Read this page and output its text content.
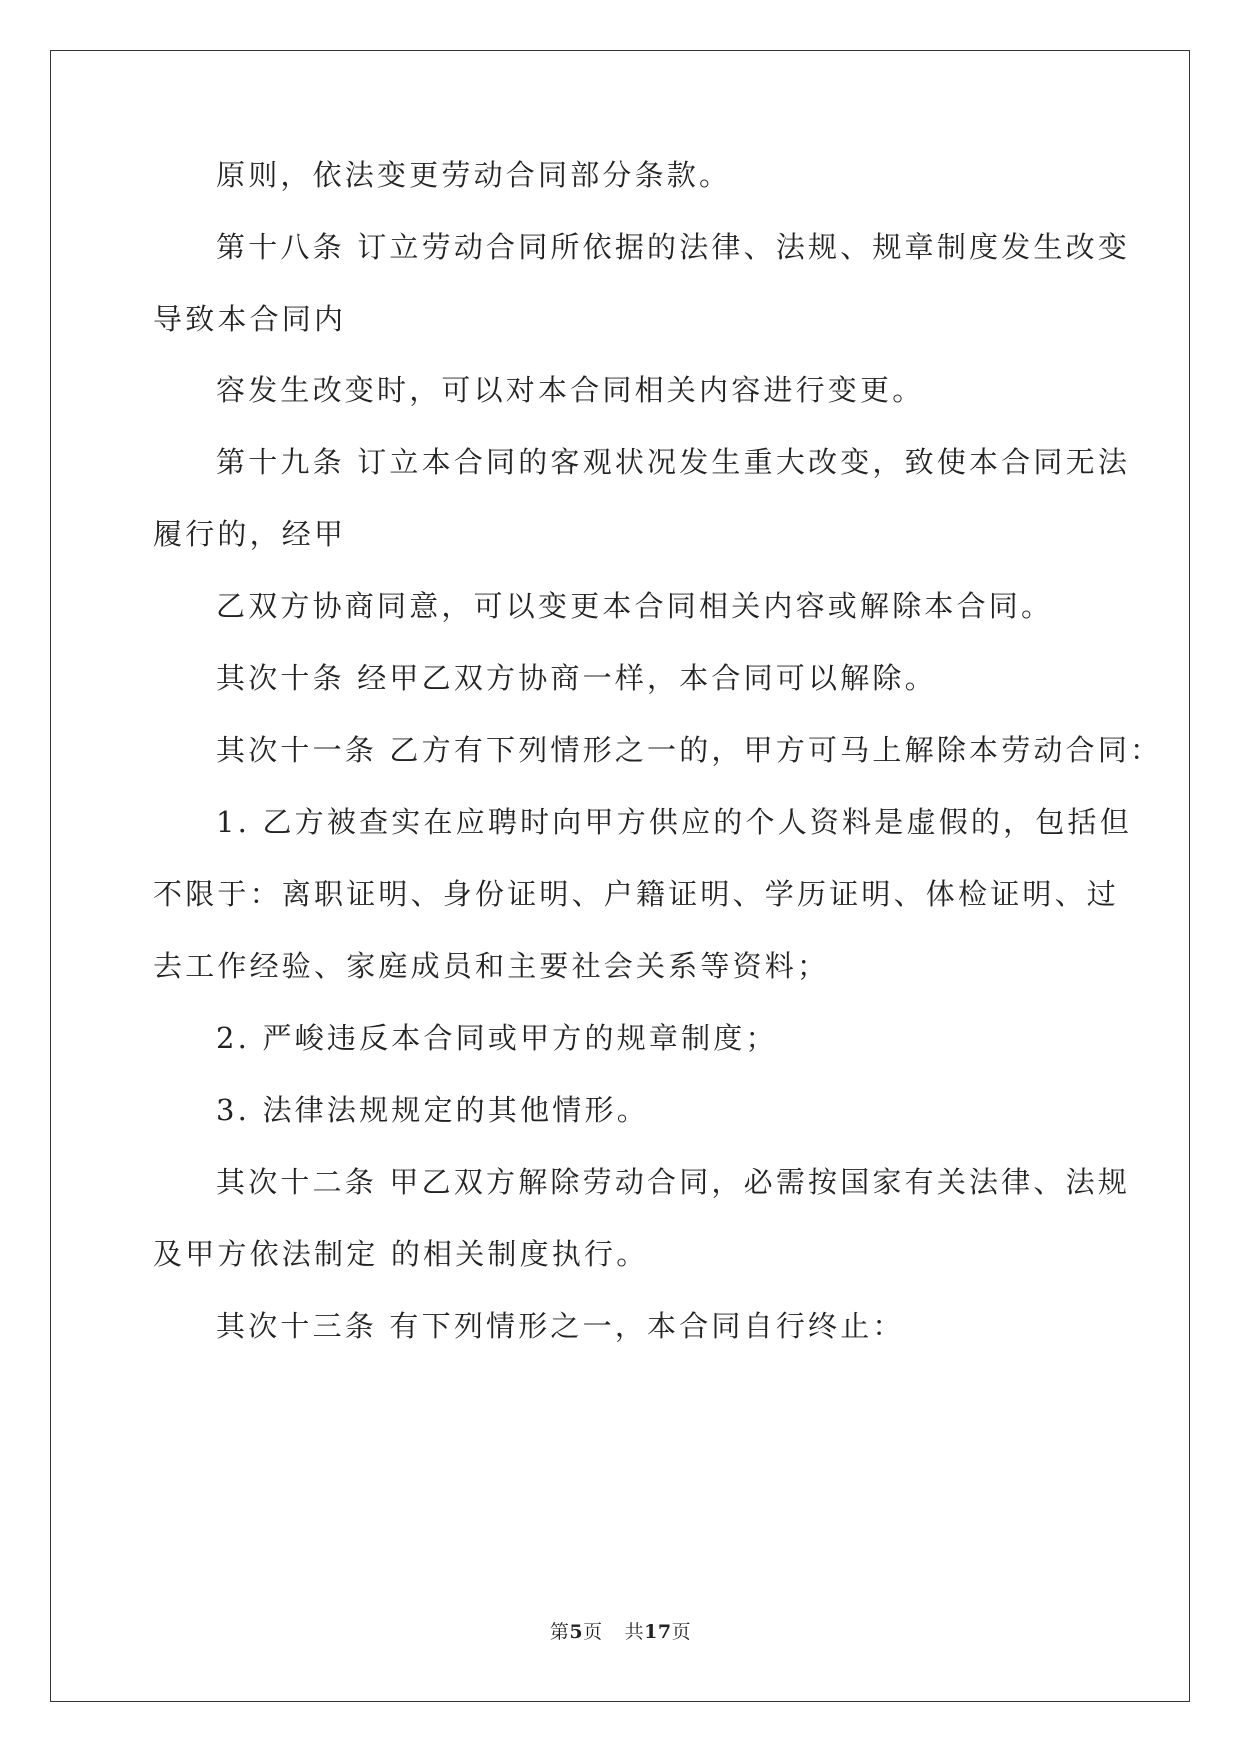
原则，依法变更劳动合同部分条款。
第十八条 订立劳动合同所依据的法律、法规、规章制度发生改变
导致本合同内
容发生改变时，可以对本合同相关内容进行变更。
第十九条 订立本合同的客观状况发生重大改变，致使本合同无法
履行的，经甲
乙双方协商同意，可以变更本合同相关内容或解除本合同。
其次十条 经甲乙双方协商一样，本合同可以解除。
其次十一条 乙方有下列情形之一的，甲方可马上解除本劳动合同：
1. 乙方被查实在应聘时向甲方供应的个人资料是虚假的，包括但
不限于：离职证明、身份证明、户籍证明、学历证明、体检证明、过
去工作经验、家庭成员和主要社会关系等资料；
2. 严峻违反本合同或甲方的规章制度；
3. 法律法规规定的其他情形。
其次十二条 甲乙双方解除劳动合同，必需按国家有关法律、法规
及甲方依法制定 的相关制度执行。
其次十三条 有下列情形之一，本合同自行终止：
第5页 共17页
